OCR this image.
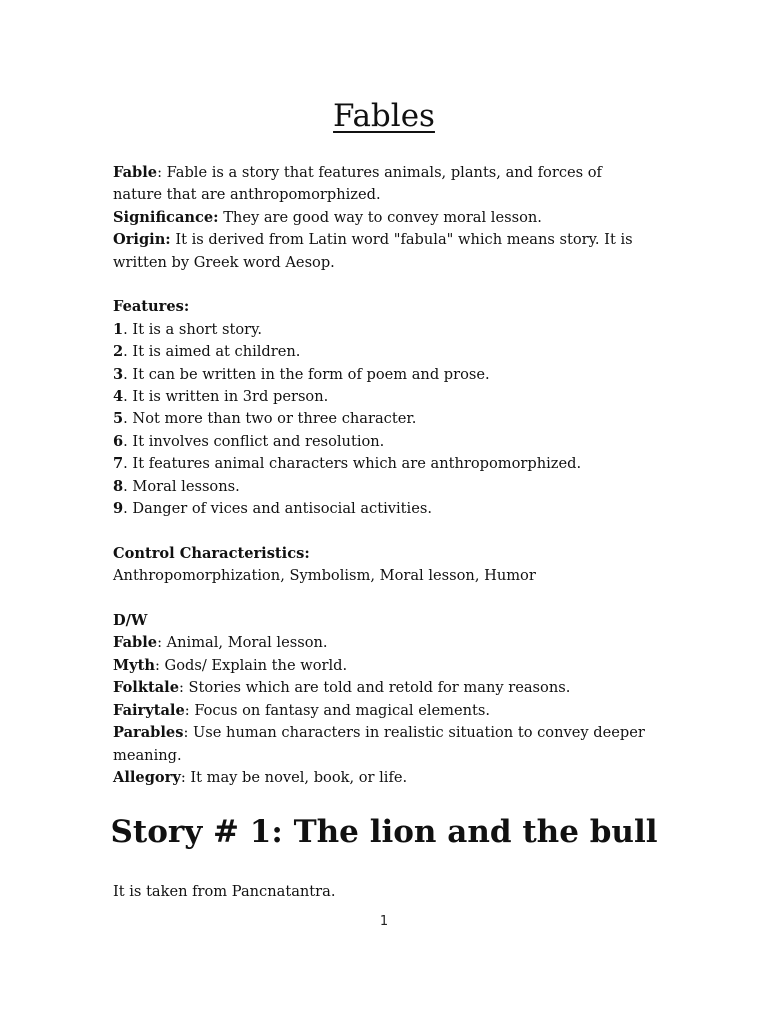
Fables

Fable: Fable is a story that features animals, plants, and forces of nature that are anthropomorphized.

Significance: They are good way to convey moral lesson.

Origin: It is derived from Latin word "fabula" which means story. It is written by Greek word Aesop.

Features:

1. It is a short story.

2. It is aimed at children.

3. It can be written in the form of poem and prose.

4. It is written in 3rd person.

5. Not more than two or three character.

6. It involves conflict and resolution.

7. It features animal characters which are anthropomorphized.

8. Moral lessons.

9. Danger of vices and antisocial activities.

Control Characteristics:

Anthropomorphization, Symbolism, Moral lesson, Humor

D/W

Fable: Animal, Moral lesson.

Myth: Gods/ Explain the world.

Folktale: Stories which are told and retold for many reasons.

Fairytale: Focus on fantasy and magical elements.

Parables: Use human characters in realistic situation to convey deeper meaning.

Allegory: It may be novel, book, or life.

Story # 1: The lion and the bull

It is taken from Pancnatantra.

1
